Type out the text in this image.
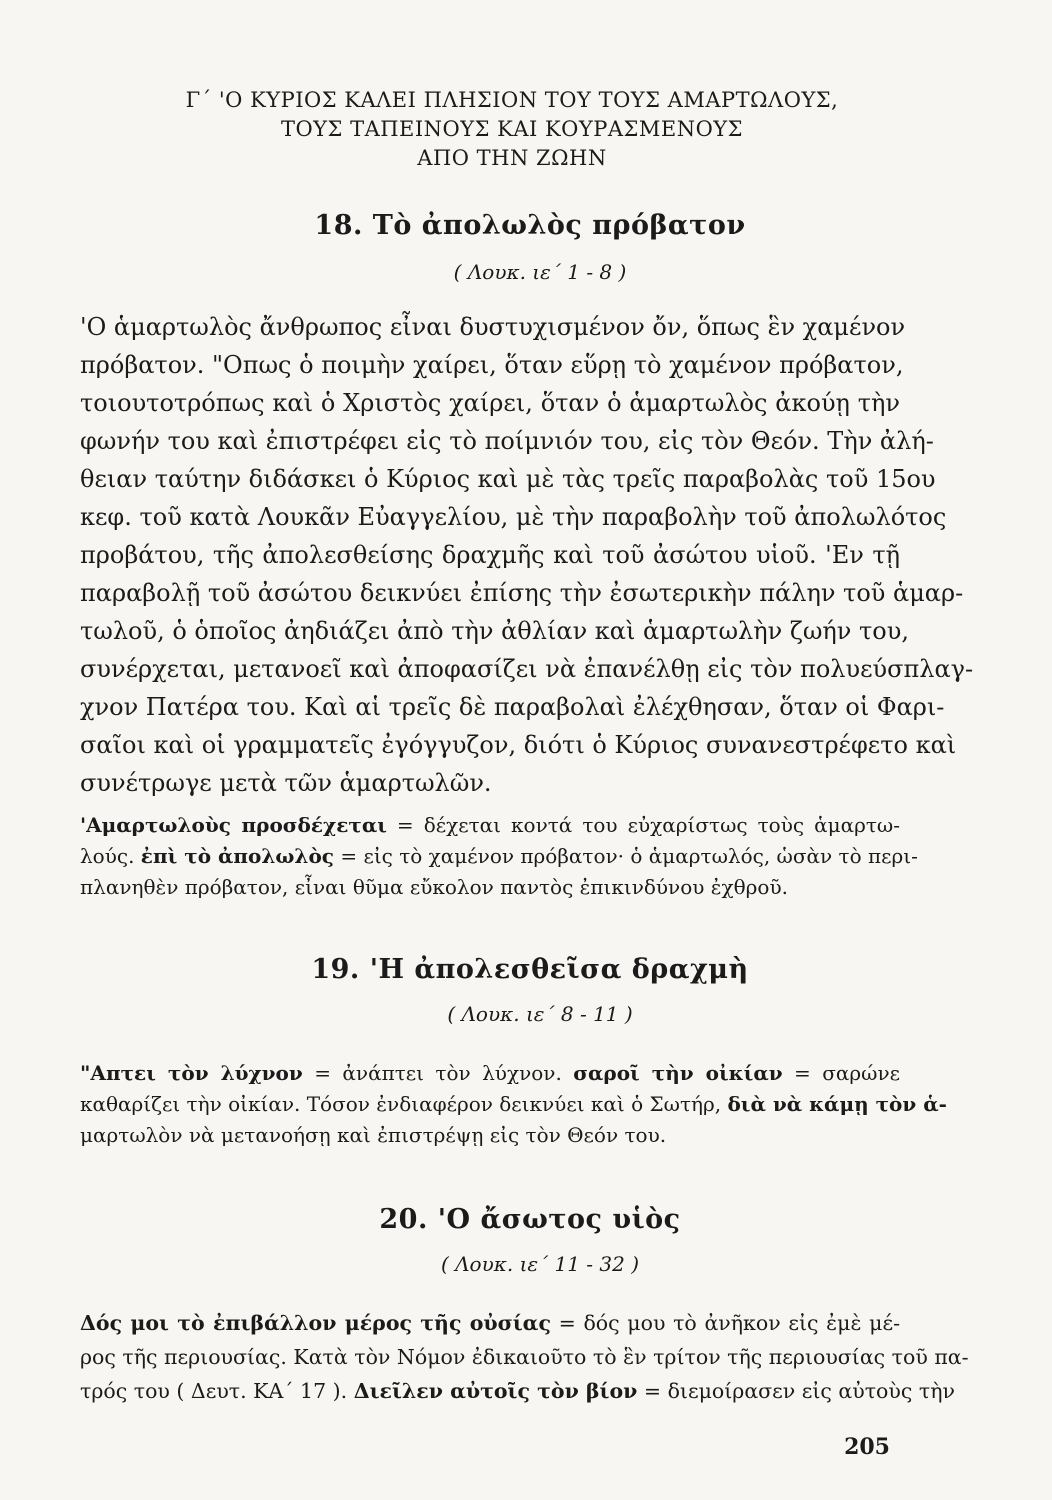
Γ΄ 'Ο ΚΥΡΙΟΣ ΚΑΛΕΙ ΠΛΗΣΙΟΝ ΤΟΥ ΤΟΥΣ ΑΜΑΡΤΩΛΟΥΣ,
ΤΟΥΣ ΤΑΠΕΙΝΟΥΣ ΚΑΙ ΚΟΥΡΑΣΜΕΝΟΥΣ
ΑΠΟ ΤΗΝ ΖΩΗΝ
18. Τὸ ἀπολωλὸς πρόβατον
( Λουκ. ιε΄ 1 - 8 )
'Ο ἁμαρτωλὸς ἄνθρωπος εἶναι δυστυχισμένον ὄν, ὅπως ἓν χαμένον
πρόβατον. "Οπως ὁ ποιμὴν χαίρει, ὅταν εὕρῃ τὸ χαμένον πρόβατον,
τοιουτοτρόπως καὶ ὁ Χριστὸς χαίρει, ὅταν ὁ ἁμαρτωλὸς ἀκούῃ τὴν
φωνήν του καὶ ἐπιστρέφει εἰς τὸ ποίμνιόν του, εἰς τὸν Θεόν. Τὴν ἀλή-
θειαν ταύτην διδάσκει ὁ Κύριος καὶ μὲ τὰς τρεῖς παραβολὰς τοῦ 15ου
κεφ. τοῦ κατὰ Λουκᾶν Εὐαγγελίου, μὲ τὴν παραβολὴν τοῦ ἀπολωλότος
προβάτου, τῆς ἀπολεσθείσης δραχμῆς καὶ τοῦ ἀσώτου υἱοῦ. 'Εν τῇ
παραβολῇ τοῦ ἀσώτου δεικνύει ἐπίσης τὴν ἐσωτερικὴν πάλην τοῦ ἁμαρ-
τωλοῦ, ὁ ὁποῖος ἀηδιάζει ἀπὸ τὴν ἀθλίαν καὶ ἁμαρτωλὴν ζωήν του,
συνέρχεται, μετανοεῖ καὶ ἀποφασίζει νὰ ἐπανέλθῃ εἰς τὸν πολυεύσπλαγ-
χνον Πατέρα του. Καὶ αἱ τρεῖς δὲ παραβολαὶ ἐλέχθησαν, ὅταν οἱ Φαρι-
σαῖοι καὶ οἱ γραμματεῖς ἐγόγγυζον, διότι ὁ Κύριος συνανεστρέφετο καὶ
συνέτρωγε μετὰ τῶν ἁμαρτωλῶν.
'Αμαρτωλοὺς προσδέχεται = δέχεται κοντά του εὐχαρίστως τοὺς ἁμαρτω-
λούς. ἐπὶ τὸ ἀπολωλὸς = εἰς τὸ χαμένον πρόβατον· ὁ ἁμαρτωλός, ὡσὰν τὸ περι-
πλανηθὲν πρόβατον, εἶναι θῦμα εὔκολον παντὸς ἐπικινδύνου ἐχθροῦ.
19. 'Η ἀπολεσθεῖσα δραχμὴ
( Λουκ. ιε΄ 8 - 11 )
"Απτει τὸν λύχνον = ἀνάπτει τὸν λύχνον. σαροῖ τὴν οἰκίαν = σαρώνε
καθαρίζει τὴν οἰκίαν. Τόσον ἐνδιαφέρον δεικνύει καὶ ὁ Σωτήρ, διὰ νὰ κάμῃ τὸν ἁ-
μαρτωλὸν νὰ μετανοήσῃ καὶ ἐπιστρέψῃ εἰς τὸν Θεόν του.
20. 'Ο ἄσωτος υἱὸς
( Λουκ. ιε΄ 11 - 32 )
Δός μοι τὸ ἐπιβάλλον μέρος τῆς οὐσίας = δός μου τὸ ἀνῆκον εἰς ἐμὲ μέ-
ρος τῆς περιουσίας. Κατὰ τὸν Νόμον ἐδικαιοῦτο τὸ ἓν τρίτον τῆς περιουσίας τοῦ πα-
τρός του ( Δευτ. ΚΑ΄ 17 ). Διεῖλεν αὐτοῖς τὸν βίον = διεμοίρασεν εἰς αὐτοὺς τὴν
205
